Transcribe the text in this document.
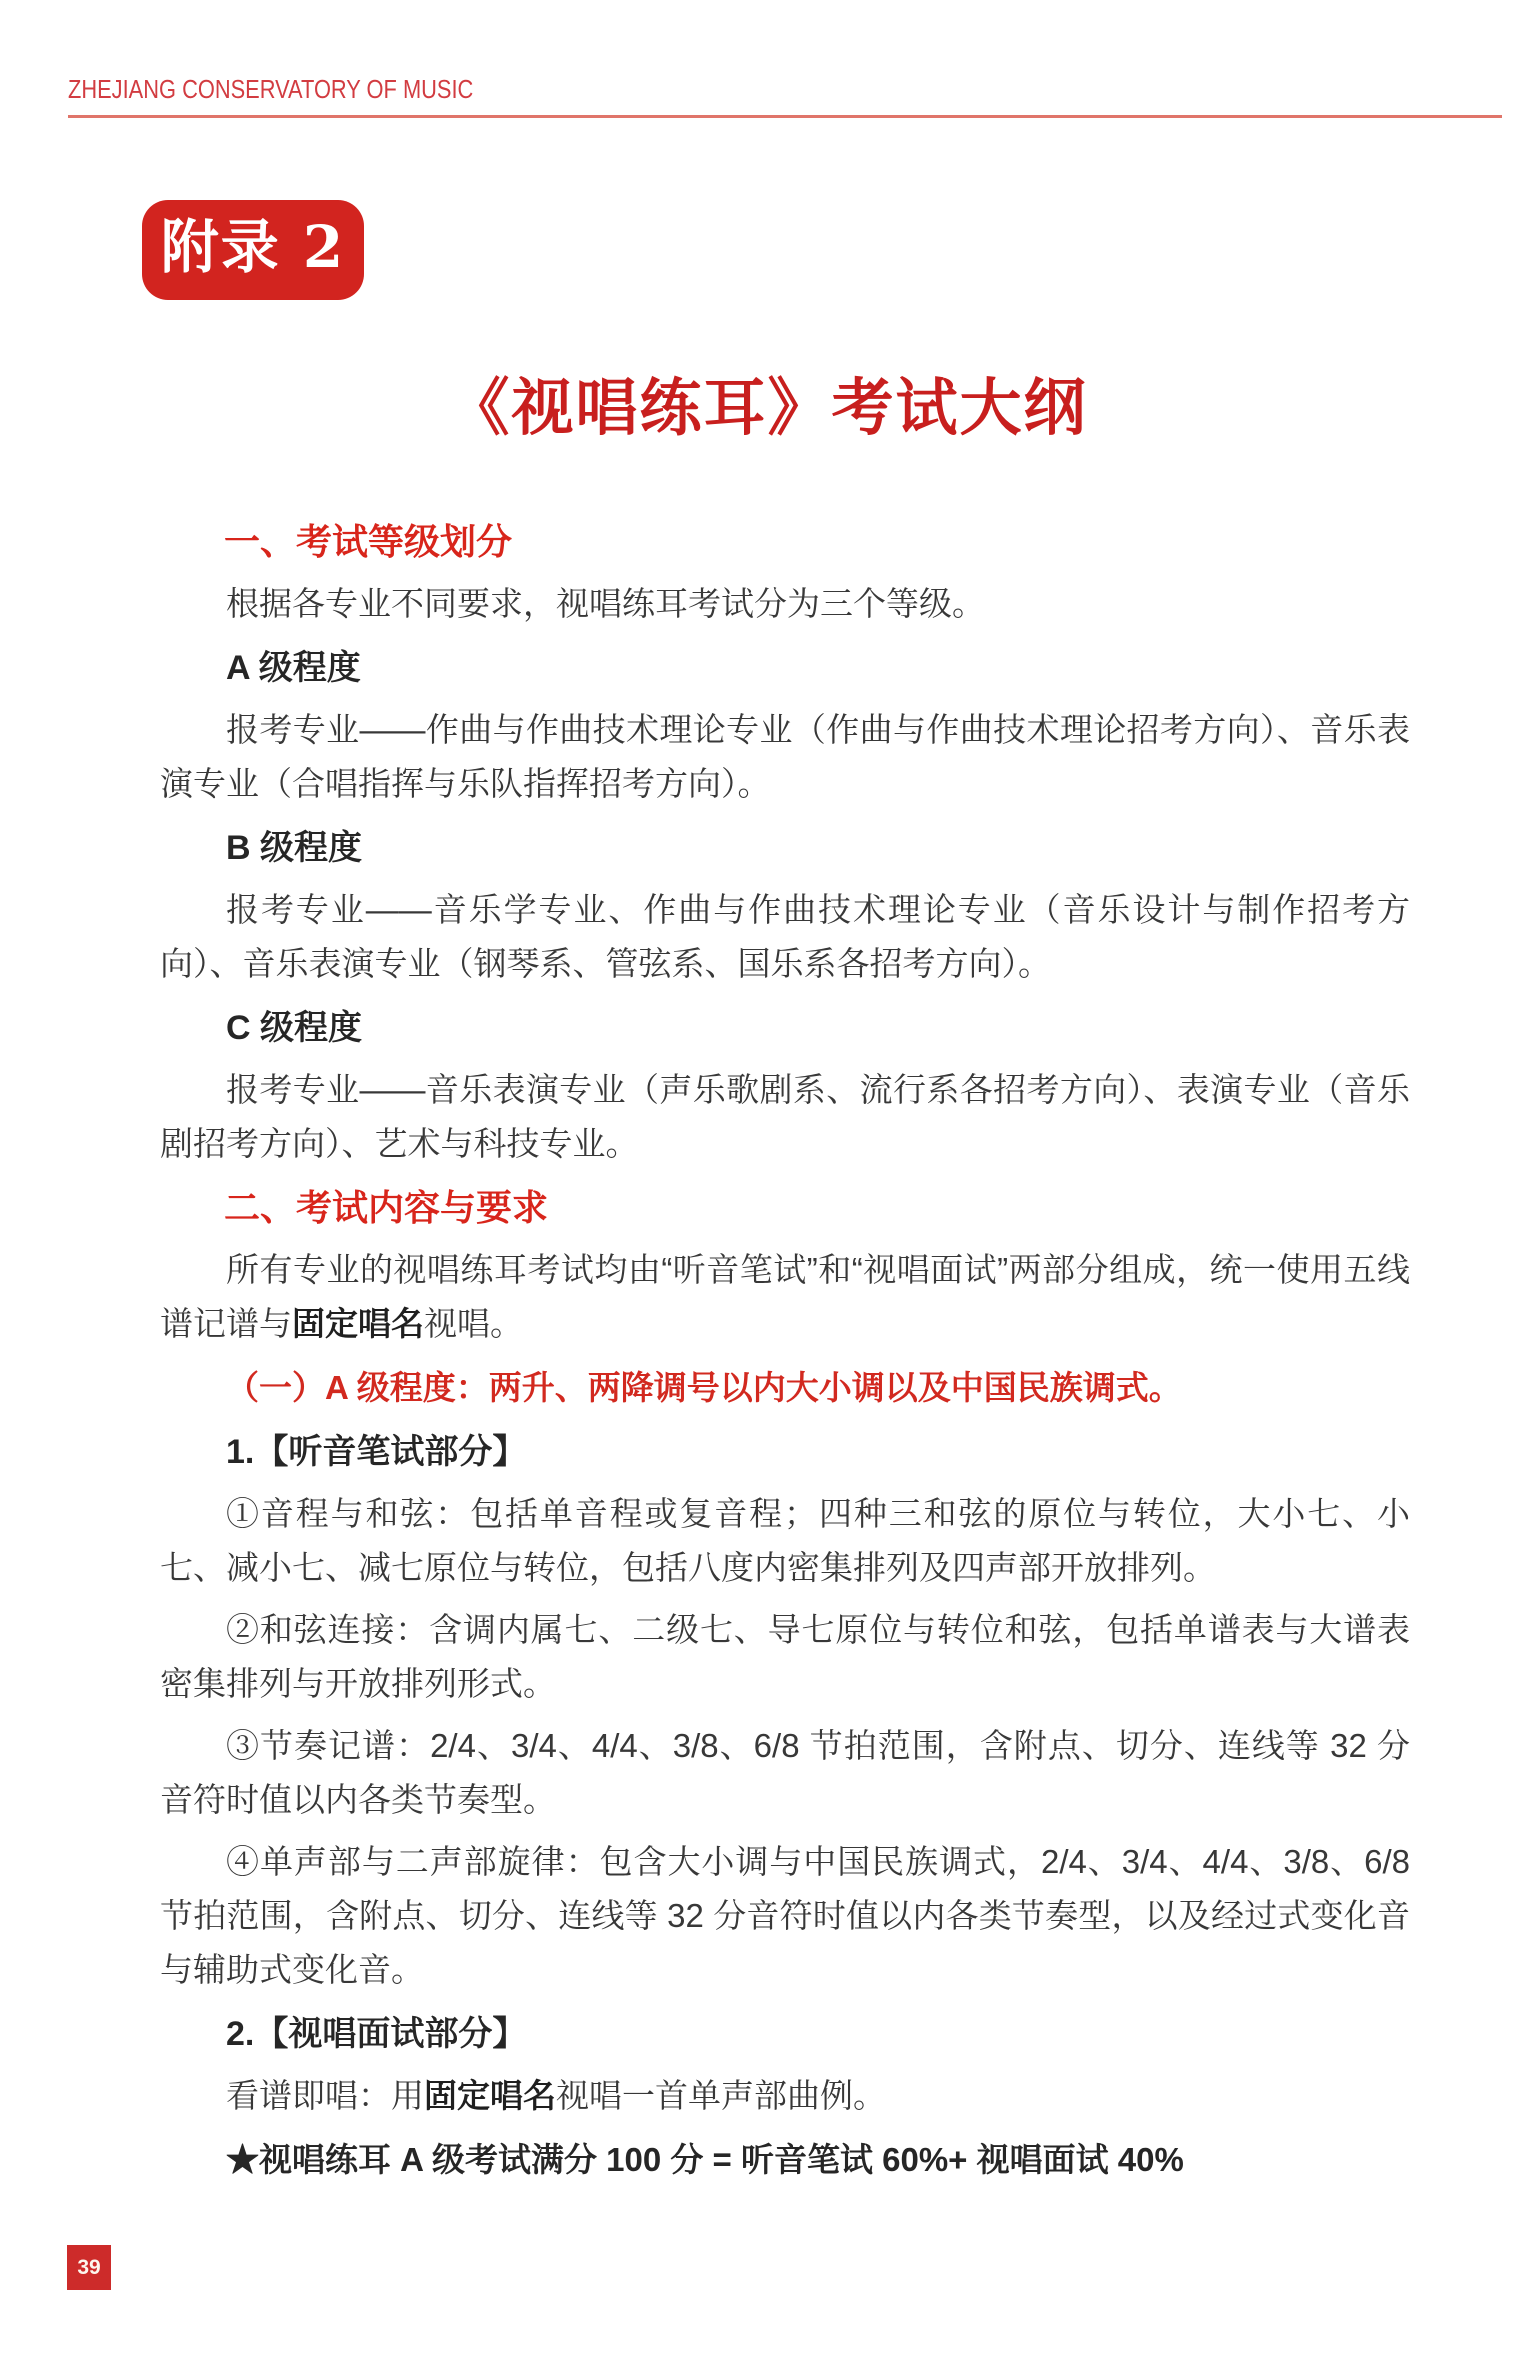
ZHEJIANG CONSERVATORY OF MUSIC
附录 2
《视唱练耳》考试大纲
一、考试等级划分

根据各专业不同要求，视唱练耳考试分为三个等级。

A 级程度

报考专业——作曲与作曲技术理论专业（作曲与作曲技术理论招考方向）、音乐表演专业（合唱指挥与乐队指挥招考方向）。

B 级程度

报考专业——音乐学专业、作曲与作曲技术理论专业（音乐设计与制作招考方向）、音乐表演专业（钢琴系、管弦系、国乐系各招考方向）。

C 级程度

报考专业——音乐表演专业（声乐歌剧系、流行系各招考方向）、表演专业（音乐剧招考方向）、艺术与科技专业。

二、考试内容与要求

所有专业的视唱练耳考试均由“听音笔试”和“视唱面试”两部分组成，统一使用五线谱记谱与固定唱名视唱。

（一）A 级程度：两升、两降调号以内大小调以及中国民族调式。

1.【听音笔试部分】

①音程与和弦：包括单音程或复音程；四种三和弦的原位与转位，大小七、小七、减小七、减七原位与转位，包括八度内密集排列及四声部开放排列。

②和弦连接：含调内属七、二级七、导七原位与转位和弦，包括单谱表与大谱表密集排列与开放排列形式。

③节奏记谱：2/4、3/4、4/4、3/8、6/8 节拍范围，含附点、切分、连线等 32 分音符时值以内各类节奏型。

④单声部与二声部旋律：包含大小调与中国民族调式，2/4、3/4、4/4、3/8、6/8 节拍范围，含附点、切分、连线等 32 分音符时值以内各类节奏型，以及经过式变化音与辅助式变化音。

2.【视唱面试部分】

看谱即唱：用固定唱名视唱一首单声部曲例。

★视唱练耳 A 级考试满分 100 分 = 听音笔试 60%+ 视唱面试 40%

39
